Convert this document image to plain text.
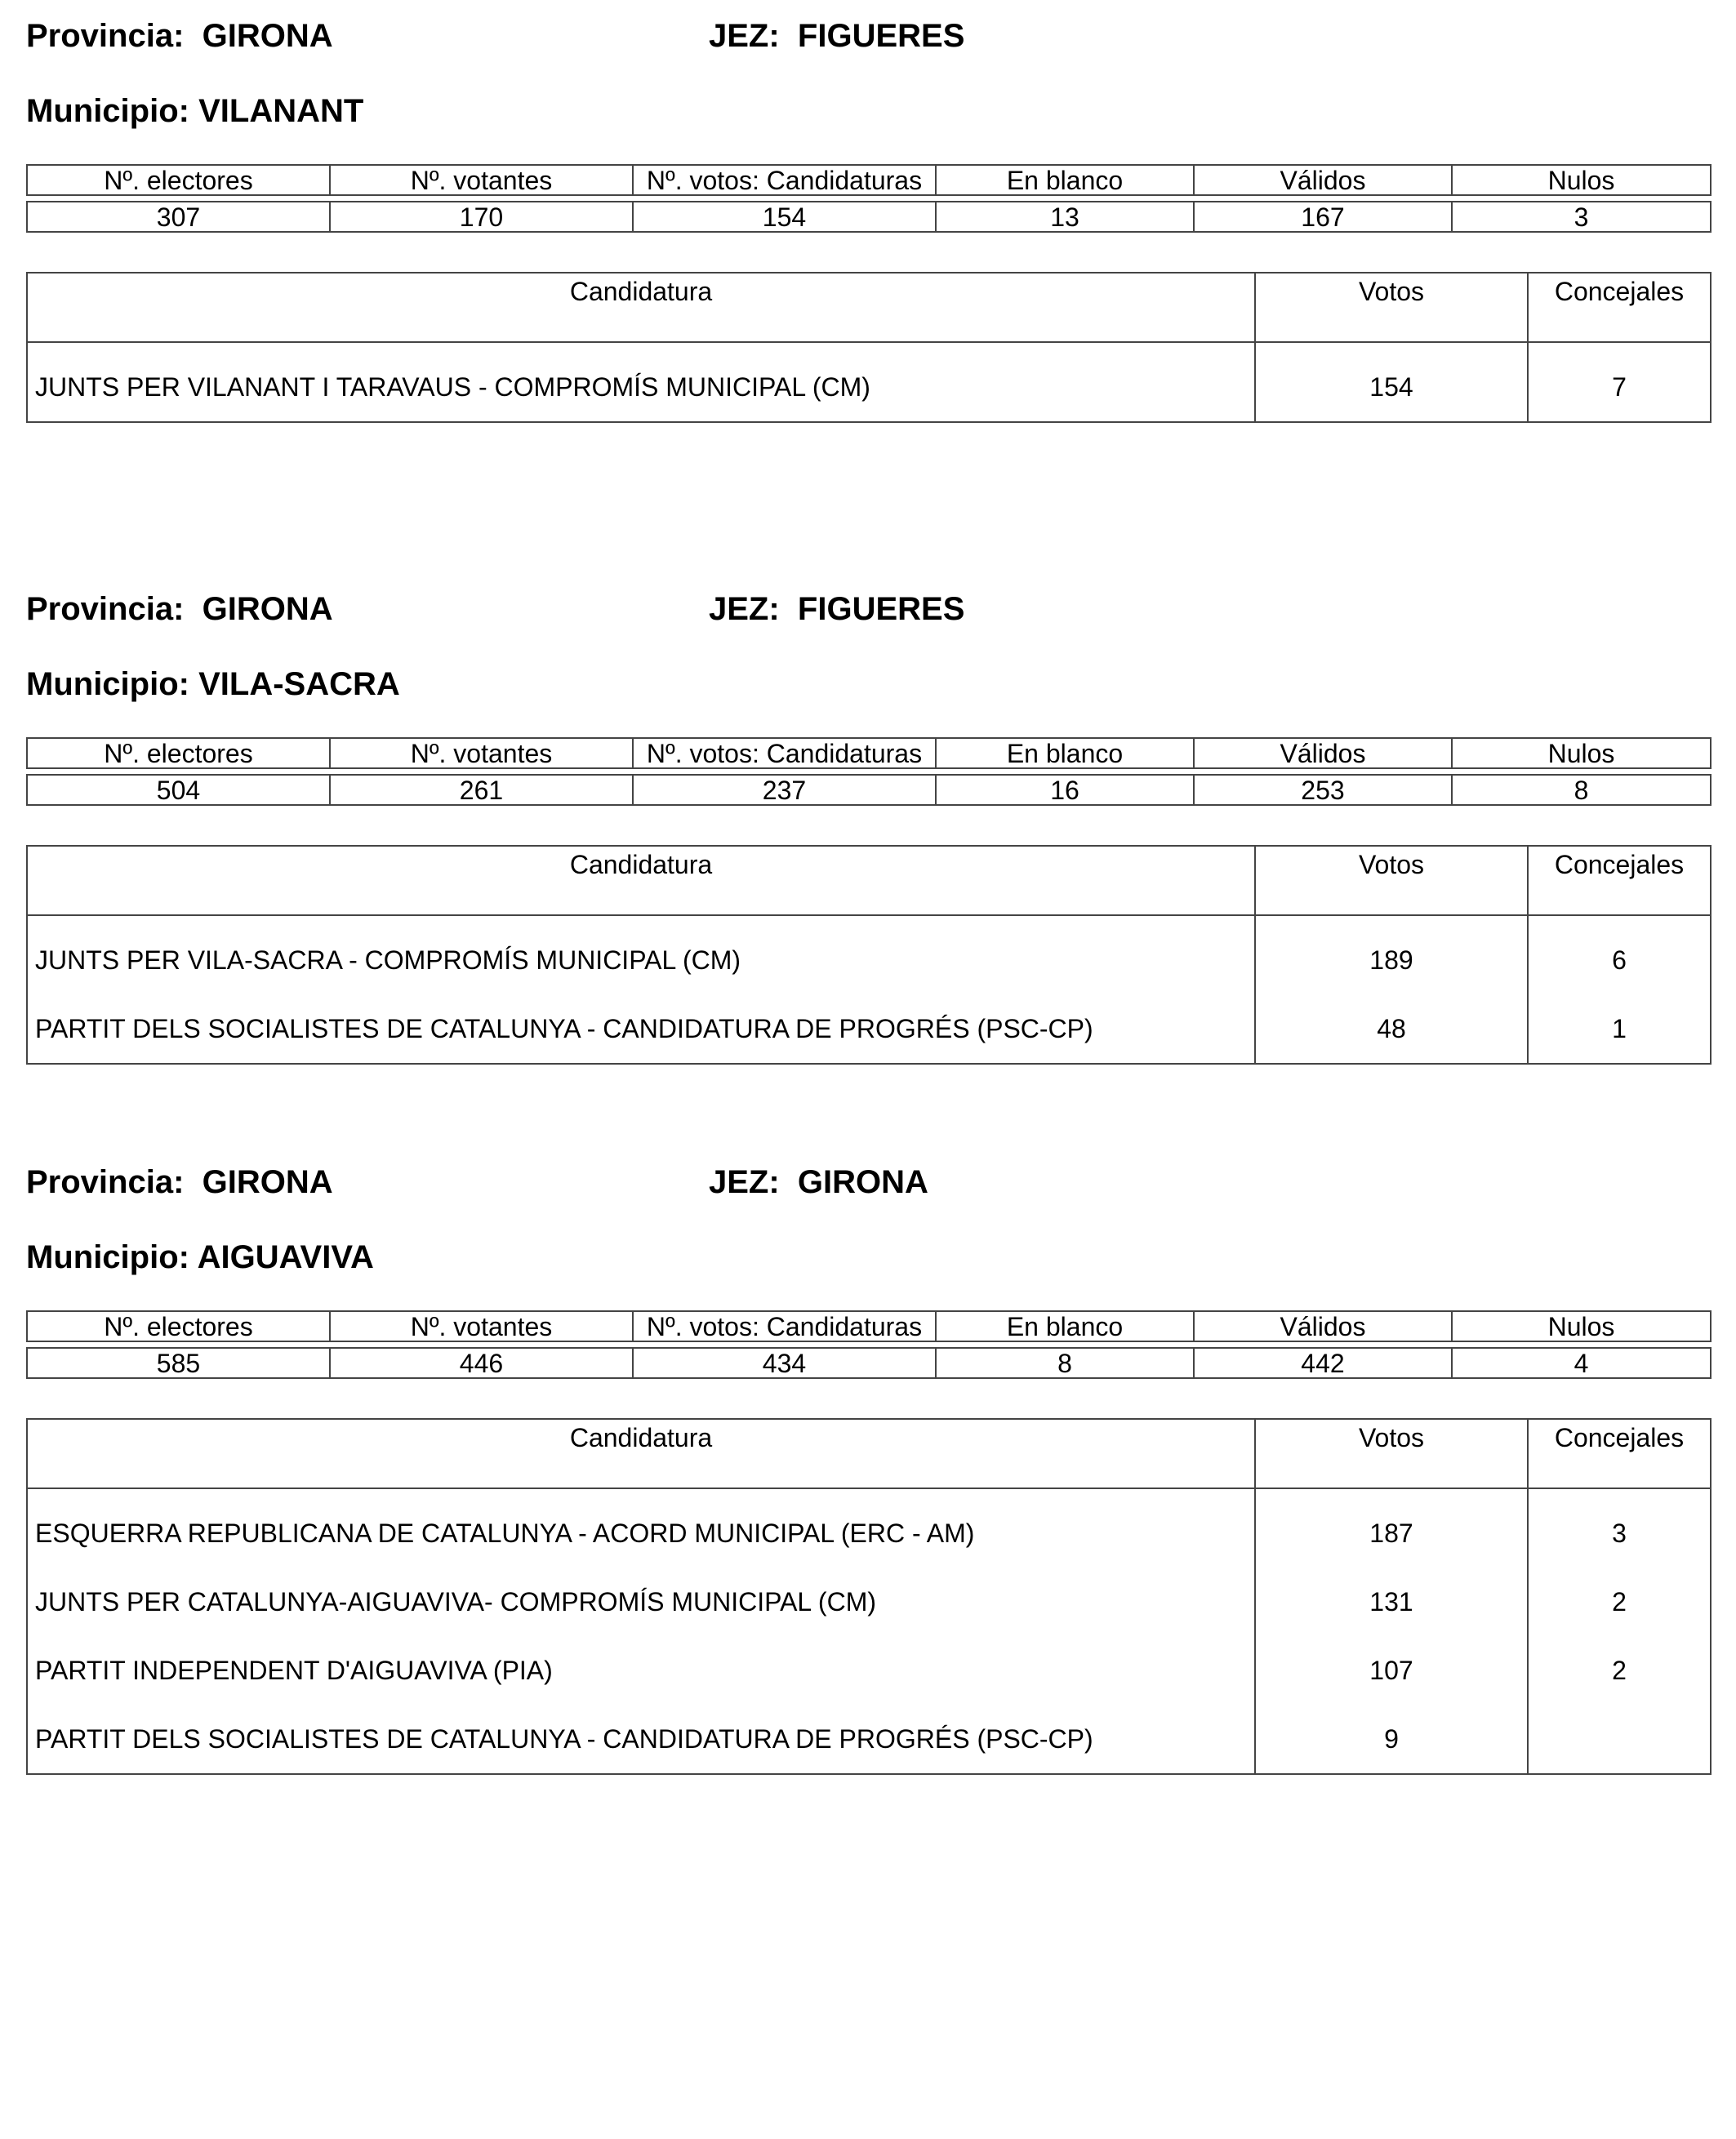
Provincia: GIRONA	JEZ: FIGUERES
Municipio: VILANANT
Nº. electores	Nº. votantes	Nº. votos: Candidaturas	En blanco	Válidos	Nulos

307	170	154	13	167	3
Candidatura	Votos	Concejales
JUNTS PER VILANANT I TARAVAUS - COMPROMÍS MUNICIPAL (CM)	154	7
Provincia: GIRONA	JEZ: FIGUERES
Municipio: VILA-SACRA
Nº. electores	Nº. votantes	Nº. votos: Candidaturas	En blanco	Válidos	Nulos

504	261	237	16	253	8
Candidatura	Votos	Concejales
JUNTS PER VILA-SACRA - COMPROMÍS MUNICIPAL (CM)	189	6
PARTIT DELS SOCIALISTES DE CATALUNYA - CANDIDATURA DE PROGRÉS (PSC-CP)	48	1
Provincia: GIRONA	JEZ: GIRONA
Municipio: AIGUAVIVA
Nº. electores	Nº. votantes	Nº. votos: Candidaturas	En blanco	Válidos	Nulos

585	446	434	8	442	4
Candidatura	Votos	Concejales
ESQUERRA REPUBLICANA DE CATALUNYA - ACORD MUNICIPAL (ERC - AM)	187	3
JUNTS PER CATALUNYA-AIGUAVIVA- COMPROMÍS MUNICIPAL (CM)	131	2
PARTIT INDEPENDENT D'AIGUAVIVA (PIA)	107	2
PARTIT DELS SOCIALISTES DE CATALUNYA - CANDIDATURA DE PROGRÉS (PSC-CP)	9	
